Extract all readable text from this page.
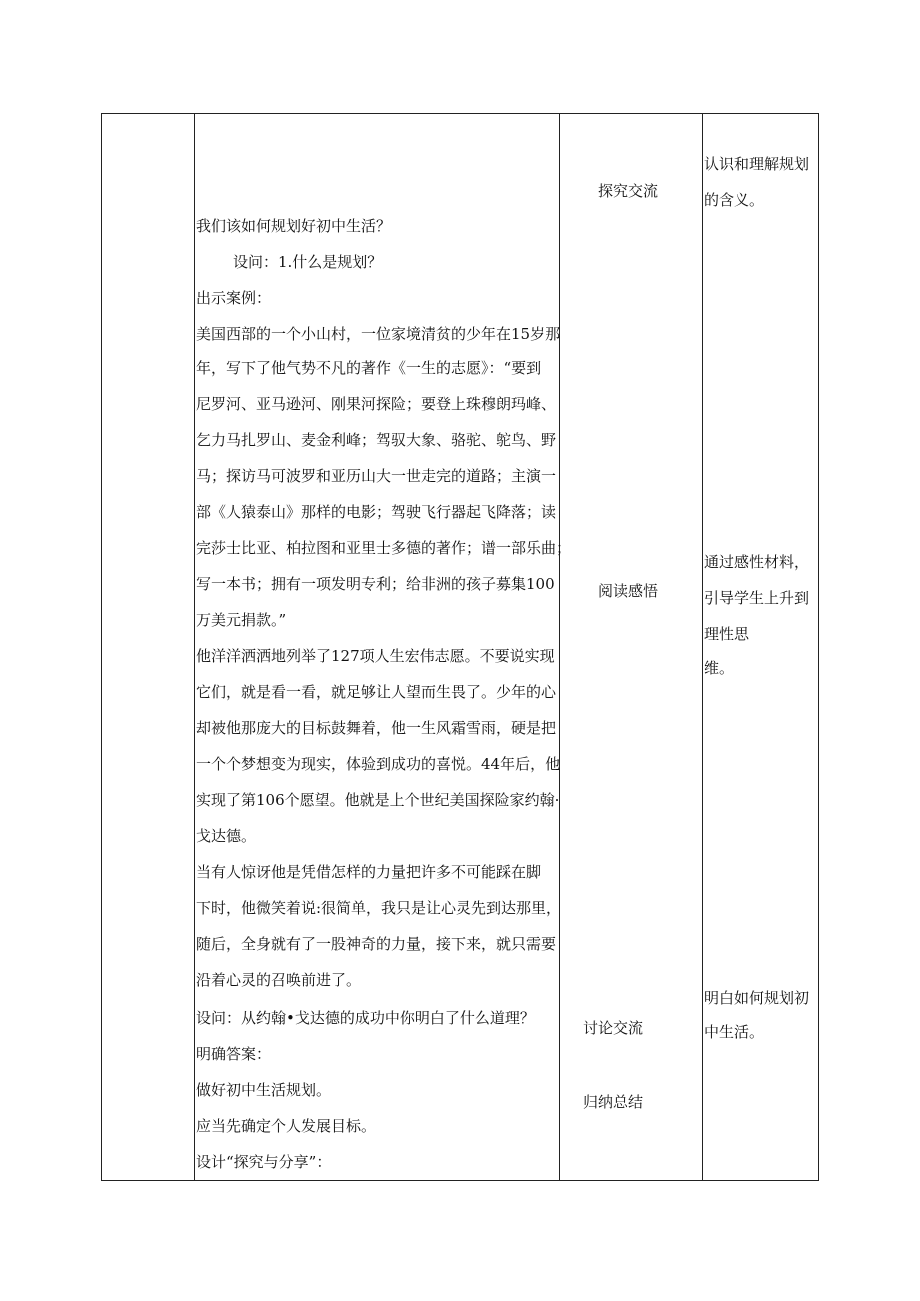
我们该如何规划好初中生活？
设问：1.什么是规划？
出示案例：
美国西部的一个小山村，一位家境清贫的少年在15岁那
年，写下了他气势不凡的著作《一生的志愿》：“要到
尼罗河、亚马逊河、刚果河探险；要登上珠穆朗玛峰、
乞力马扎罗山、麦金利峰；驾驭大象、骆驼、鸵鸟、野
马；探访马可波罗和亚历山大一世走完的道路；主演一
部《人猿泰山》那样的电影；驾驶飞行器起飞降落；读
完莎士比亚、柏拉图和亚里士多德的著作；谱一部乐曲；
写一本书；拥有一项发明专利；给非洲的孩子募集100
万美元捐款。”
他洋洋洒洒地列举了127项人生宏伟志愿。不要说实现
它们，就是看一看，就足够让人望而生畏了。少年的心
却被他那庞大的目标鼓舞着，他一生风霜雪雨，硬是把
一个个梦想变为现实，体验到成功的喜悦。44年后，他
实现了第106个愿望。他就是上个世纪美国探险家约翰·
戈达德。
当有人惊讶他是凭借怎样的力量把许多不可能踩在脚
下时，他微笑着说:很简单，我只是让心灵先到达那里，
随后，全身就有了一股神奇的力量，接下来，就只需要
沿着心灵的召唤前进了。
设问：从约翰•戈达德的成功中你明白了什么道理？
明确答案：
做好初中生活规划。
应当先确定个人发展目标。
设计“探究与分享”：
探究交流
阅读感悟
讨论交流
归纳总结
认识和理解规划
的含义。
通过感性材料，
引导学生上升到
理性思
维。
明白如何规划初
中生活。
